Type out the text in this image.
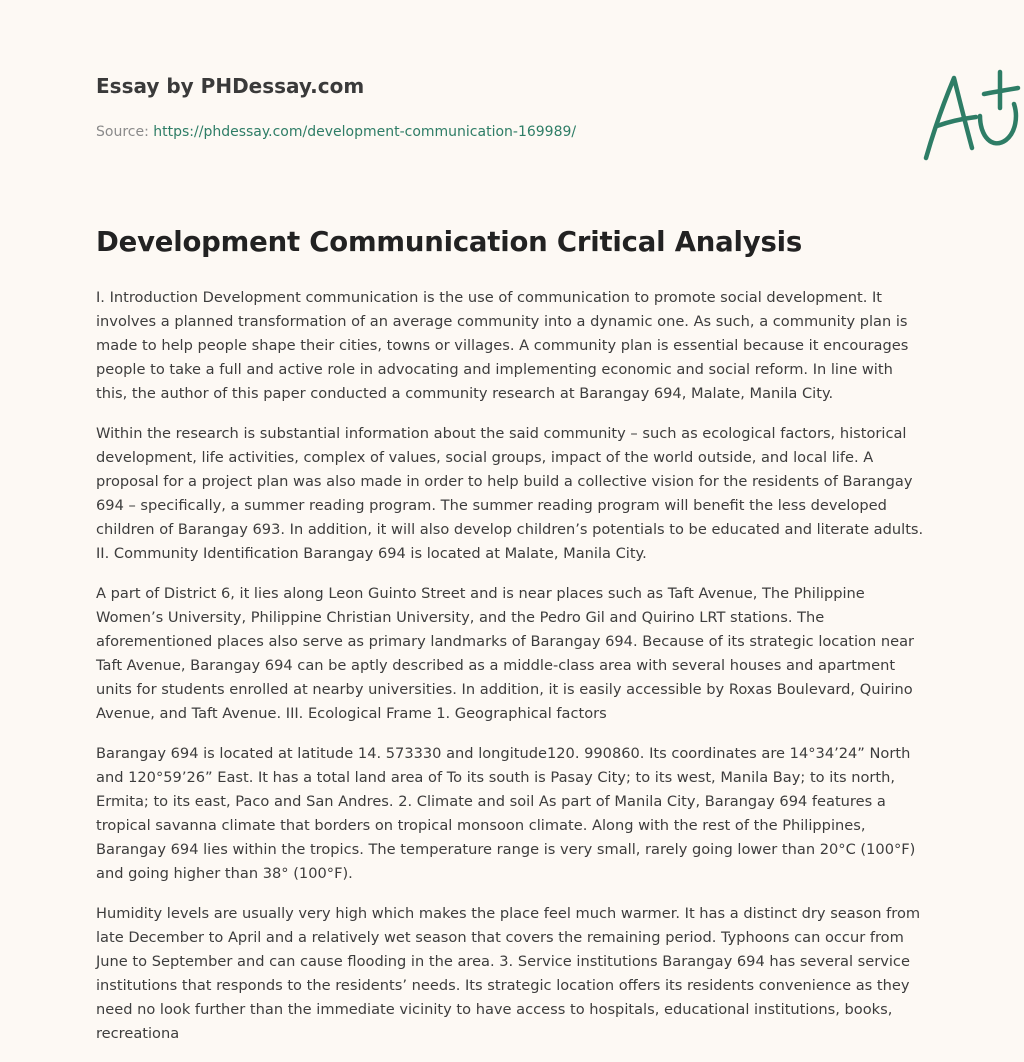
Essay by PHDessay.com
Source: https://phdessay.com/development-communication-169989/
Development Communication Critical Analysis

I. Introduction Development communication is the use of communication to promote social development. It involves a planned transformation of an average community into a dynamic one. As such, a community plan is made to help people shape their cities, towns or villages. A community plan is essential because it encourages people to take a full and active role in advocating and implementing economic and social reform. In line with this, the author of this paper conducted a community research at Barangay 694, Malate, Manila City.

Within the research is substantial information about the said community – such as ecological factors, historical development, life activities, complex of values, social groups, impact of the world outside, and local life. A proposal for a project plan was also made in order to help build a collective vision for the residents of Barangay 694 – specifically, a summer reading program. The summer reading program will benefit the less developed children of Barangay 693. In addition, it will also develop children’s potentials to be educated and literate adults. II. Community Identification Barangay 694 is located at Malate, Manila City.

A part of District 6, it lies along Leon Guinto Street and is near places such as Taft Avenue, The Philippine Women’s University, Philippine Christian University, and the Pedro Gil and Quirino LRT stations. The aforementioned places also serve as primary landmarks of Barangay 694. Because of its strategic location near Taft Avenue, Barangay 694 can be aptly described as a middle-class area with several houses and apartment units for students enrolled at nearby universities. In addition, it is easily accessible by Roxas Boulevard, Quirino Avenue, and Taft Avenue. III. Ecological Frame 1. Geographical factors

Barangay 694 is located at latitude 14. 573330 and longitude120. 990860. Its coordinates are 14°34’24” North and 120°59’26” East. It has a total land area of To its south is Pasay City; to its west, Manila Bay; to its north, Ermita; to its east, Paco and San Andres. 2. Climate and soil As part of Manila City, Barangay 694 features a tropical savanna climate that borders on tropical monsoon climate. Along with the rest of the Philippines, Barangay 694 lies within the tropics. The temperature range is very small, rarely going lower than 20°C (100°F) and going higher than 38° (100°F).

Humidity levels are usually very high which makes the place feel much warmer. It has a distinct dry season from late December to April and a relatively wet season that covers the remaining period. Typhoons can occur from June to September and can cause flooding in the area. 3. Service institutions Barangay 694 has several service institutions that responds to the residents’ needs. Its strategic location offers its residents convenience as they need no look further than the immediate vicinity to have access to hospitals, educational institutions, books, recreationa
